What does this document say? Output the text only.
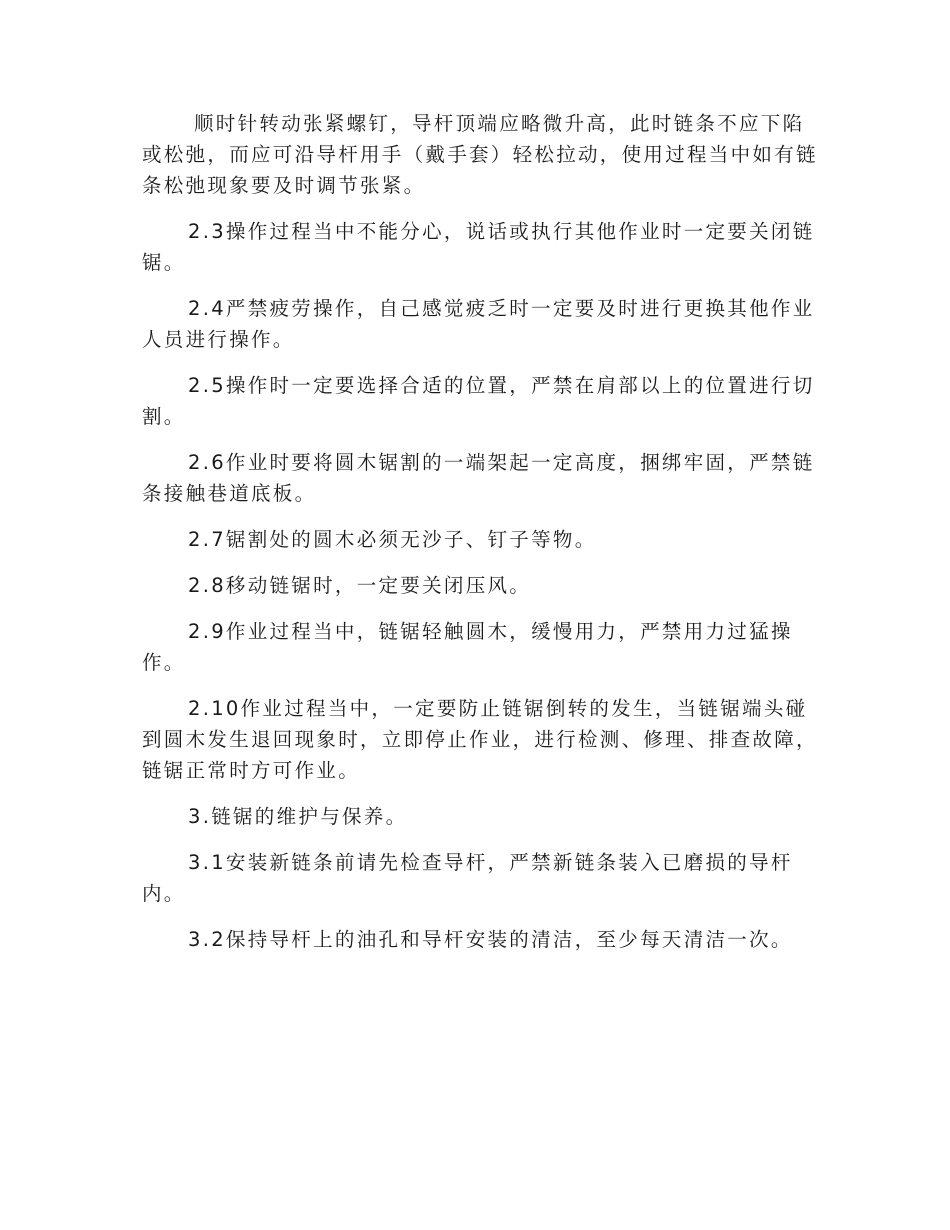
顺时针转动张紧螺钉，导杆顶端应略微升高，此时链条不应下陷或松弛，而应可沿导杆用手（戴手套）轻松拉动，使用过程当中如有链条松弛现象要及时调节张紧。

2.3操作过程当中不能分心，说话或执行其他作业时一定要关闭链锯。

2.4严禁疲劳操作，自己感觉疲乏时一定要及时进行更换其他作业人员进行操作。

2.5操作时一定要选择合适的位置，严禁在肩部以上的位置进行切割。

2.6作业时要将圆木锯割的一端架起一定高度，捆绑牢固，严禁链条接触巷道底板。

2.7锯割处的圆木必须无沙子、钉子等物。

2.8移动链锯时，一定要关闭压风。

2.9作业过程当中，链锯轻触圆木，缓慢用力，严禁用力过猛操作。

2.10作业过程当中，一定要防止链锯倒转的发生，当链锯端头碰到圆木发生退回现象时，立即停止作业，进行检测、修理、排查故障，链锯正常时方可作业。

3.链锯的维护与保养。

3.1安装新链条前请先检查导杆，严禁新链条装入已磨损的导杆内。

3.2保持导杆上的油孔和导杆安装的清洁，至少每天清洁一次。
